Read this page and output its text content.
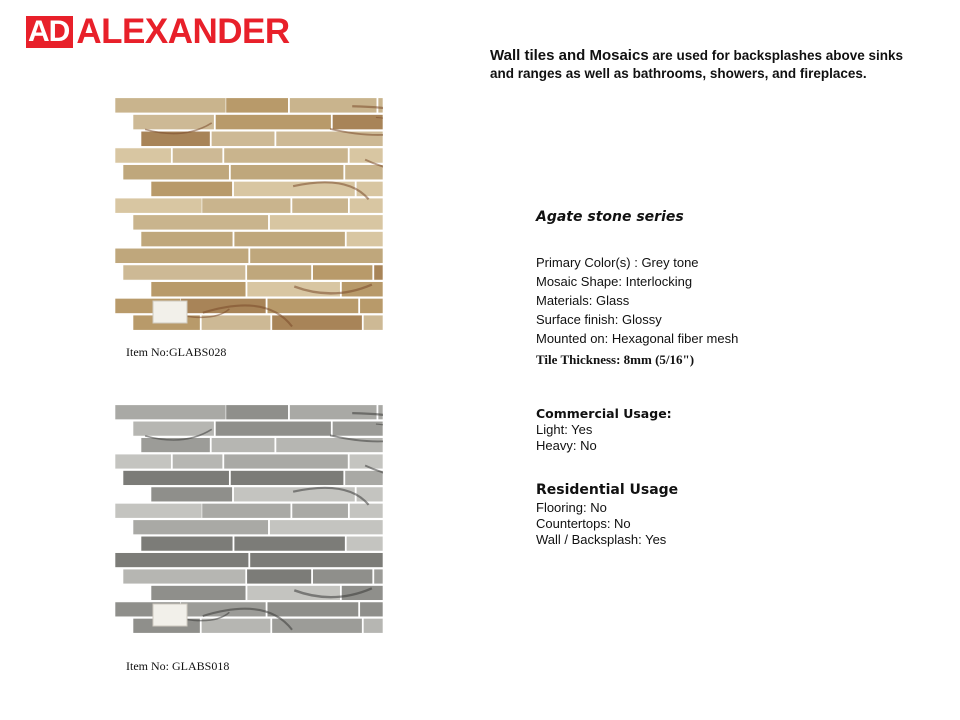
AD ALEXANDER
Wall tiles and Mosaics are used for backsplashes above sinks and ranges as well as bathrooms, showers, and fireplaces.
Item No:GLABS028
Item No: GLABS018
Agate stone series
Primary Color(s) : Grey tone
Mosaic Shape: Interlocking
Materials: Glass
Surface finish: Glossy
Mounted on: Hexagonal fiber mesh
Tile Thickness: 8mm (5/16")
Commercial Usage:
Light: Yes
Heavy: No
Residential Usage
Flooring: No
Countertops: No
Wall / Backsplash: Yes
